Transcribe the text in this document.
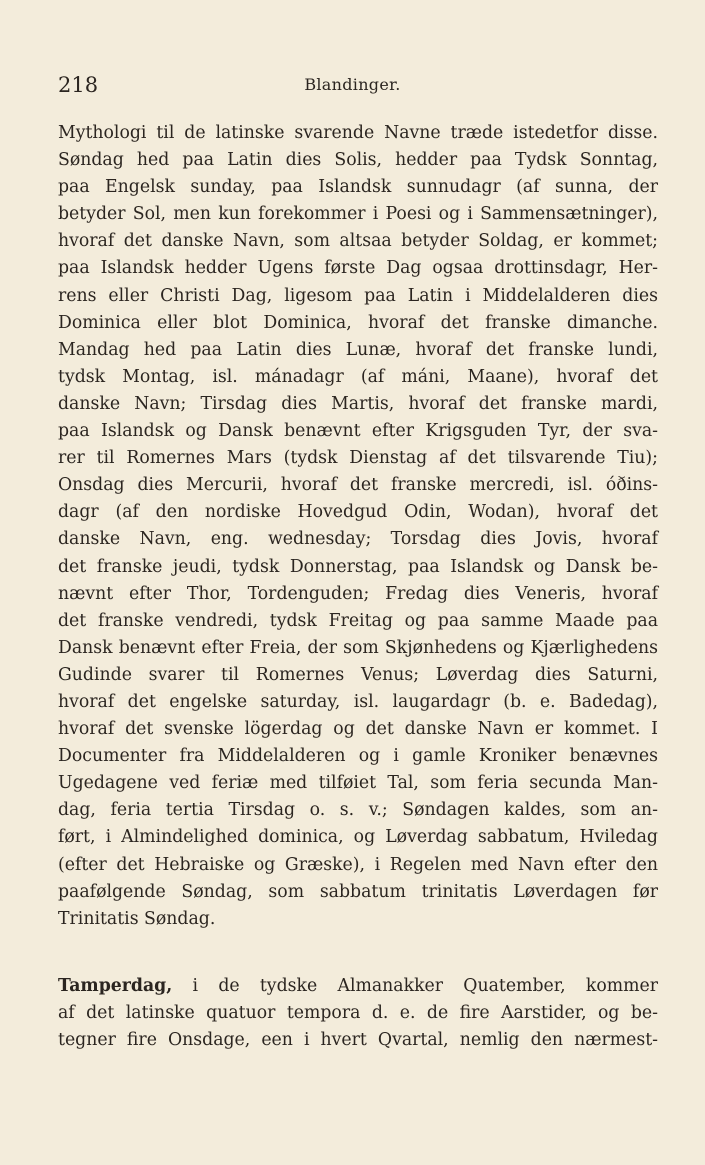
218	Blandinger.
Mythologi til de latinske svarende Navne træde istedetfor disse.
Søndag hed paa Latin dies Solis, hedder paa Tydsk Sonntag,
paa Engelsk sunday, paa Islandsk sunnudagr (af sunna, der
betyder Sol, men kun forekommer i Poesi og i Sammensætninger),
hvoraf det danske Navn, som altsaa betyder Soldag, er kommet;
paa Islandsk hedder Ugens første Dag ogsaa drottinsdagr, Her-
rens eller Christi Dag, ligesom paa Latin i Middelalderen dies
Dominica eller blot Dominica, hvoraf det franske dimanche.
Mandag hed paa Latin dies Lunæ, hvoraf det franske lundi,
tydsk Montag, isl. mánadagr (af máni, Maane), hvoraf det
danske Navn; Tirsdag dies Martis, hvoraf det franske mardi,
paa Islandsk og Dansk benævnt efter Krigsguden Tyr, der sva-
rer til Romernes Mars (tydsk Dienstag af det tilsvarende Tiu);
Onsdag dies Mercurii, hvoraf det franske mercredi, isl. óðins-
dagr (af den nordiske Hovedgud Odin, Wodan), hvoraf det
danske Navn, eng. wednesday; Torsdag dies Jovis, hvoraf
det franske jeudi, tydsk Donnerstag, paa Islandsk og Dansk be-
nævnt efter Thor, Tordenguden; Fredag dies Veneris, hvoraf
det franske vendredi, tydsk Freitag og paa samme Maade paa
Dansk benævnt efter Freia, der som Skjønhedens og Kjærlighedens
Gudinde svarer til Romernes Venus; Løverdag dies Saturni,
hvoraf det engelske saturday, isl. laugardagr (b. e. Badedag),
hvoraf det svenske lögerdag og det danske Navn er kommet. I
Documenter fra Middelalderen og i gamle Kroniker benævnes
Ugedagene ved feriæ med tilføiet Tal, som feria secunda Man-
dag, feria tertia Tirsdag o. s. v.; Søndagen kaldes, som an-
ført, i Almindelighed dominica, og Løverdag sabbatum, Hviledag
(efter det Hebraiske og Græske), i Regelen med Navn efter den
paafølgende Søndag, som sabbatum trinitatis Løverdagen før
Trinitatis Søndag.
Tamperdag, i de tydske Almanakker Quatember, kommer
af det latinske quatuor tempora d. e. de fire Aarstider, og be-
tegner fire Onsdage, een i hvert Qvartal, nemlig den nærmest-
